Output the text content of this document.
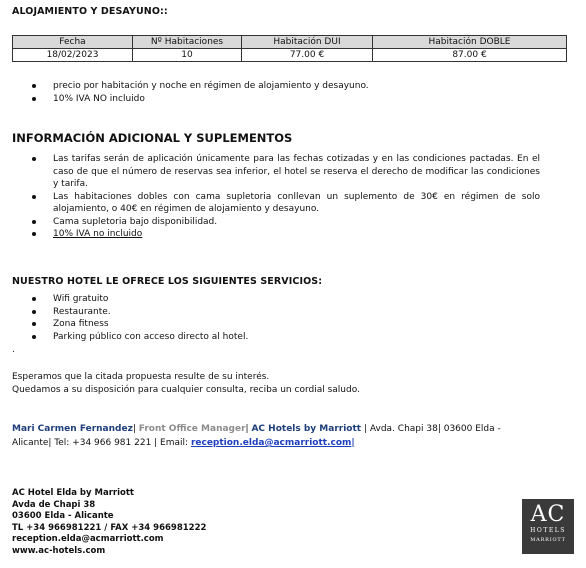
ALOJAMIENTO Y DESAYUNO::
Fecha	Nº Habitaciones	Habitación DUI	Habitación DOBLE
18/02/2023	10	77.00 €	87.00 €
precio por habitación y noche en régimen de alojamiento y desayuno.
10% IVA NO incluido
INFORMACIÓN ADICIONAL Y SUPLEMENTOS
Las tarifas serán de aplicación únicamente para las fechas cotizadas y en las condiciones pactadas. En el caso de que el número de reservas sea inferior, el hotel se reserva el derecho de modificar las condiciones y tarifa.
Las habitaciones dobles con cama supletoria conllevan un suplemento de 30€ en régimen de solo alojamiento, o 40€ en régimen de alojamiento y desayuno.
Cama supletoria bajo disponibilidad.
10% IVA no incluido
NUESTRO HOTEL LE OFRECE LOS SIGUIENTES SERVICIOS:
Wifi gratuito
Restaurante.
Zona fitness
Parking público con acceso directo al hotel.
.
Esperamos que la citada propuesta resulte de su interés.
Quedamos a su disposición para cualquier consulta, reciba un cordial saludo.
Mari Carmen Fernandez| Front Office Manager| AC Hotels by Marriott | Avda. Chapi 38| 03600 Elda -
Alicante| Tel: +34 966 981 221 | Email: reception.elda@acmarriott.com|
AC Hotel Elda by Marriott
Avda de Chapi 38
03600 Elda - Alicante
TL +34 966981221 / FAX +34 966981222
reception.elda@acmarriott.com
www.ac-hotels.com
AC
HOTELS
MARRIOTT
